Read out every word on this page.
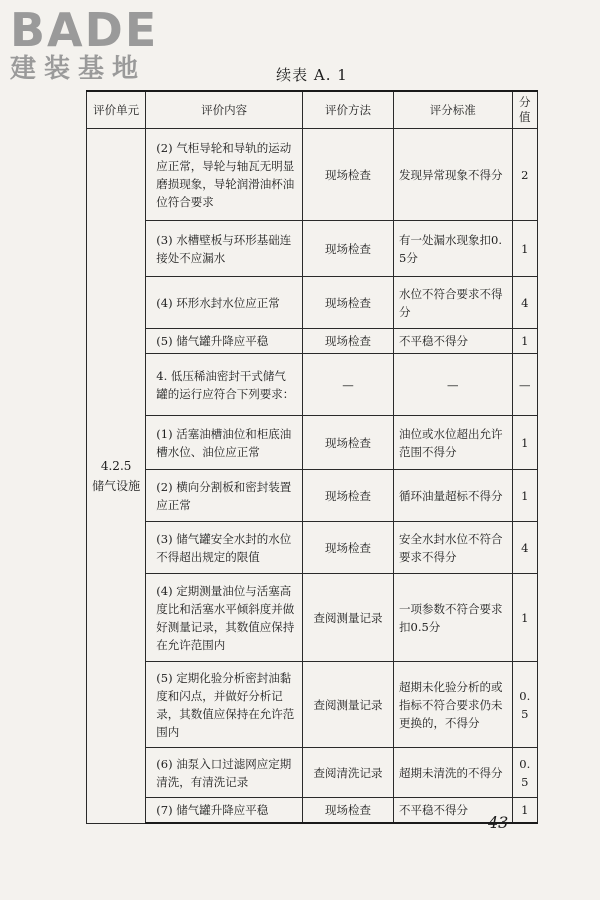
BADE
建装基地	续表 A. 1
评价单元	评价内容	评价方法	评分标准	分值

4.2.5
储气设施	(2) 气柜导轮和导轨的运动应正常，导轮与轴瓦无明显磨损现象，导轮润滑油杯油位符合要求	现场检查	发现异常现象不得分	2
	(3) 水槽壁板与环形基础连接处不应漏水	现场检查	有一处漏水现象扣0.5分	1
	(4) 环形水封水位应正常	现场检查	水位不符合要求不得分	4
	(5) 储气罐升降应平稳	现场检查	不平稳不得分	1
	4. 低压稀油密封干式储气罐的运行应符合下列要求：	—	—	—
	(1) 活塞油槽油位和柜底油槽水位、油位应正常	现场检查	油位或水位超出允许范围不得分	1
	(2) 横向分割板和密封装置应正常	现场检查	循环油量超标不得分	1
	(3) 储气罐安全水封的水位不得超出规定的限值	现场检查	安全水封水位不符合要求不得分	4
	(4) 定期测量油位与活塞高度比和活塞水平倾斜度并做好测量记录，其数值应保持在允许范围内	查阅测量记录	一项参数不符合要求扣0.5分	1
	(5) 定期化验分析密封油黏度和闪点，并做好分析记录，其数值应保持在允许范围内	查阅测量记录	超期未化验分析的或指标不符合要求仍未更换的，不得分	0.5
	(6) 油泵入口过滤网应定期清洗，有清洗记录	查阅清洗记录	超期未清洗的不得分	0.5
	(7) 储气罐升降应平稳	现场检查	不平稳不得分	1
43
